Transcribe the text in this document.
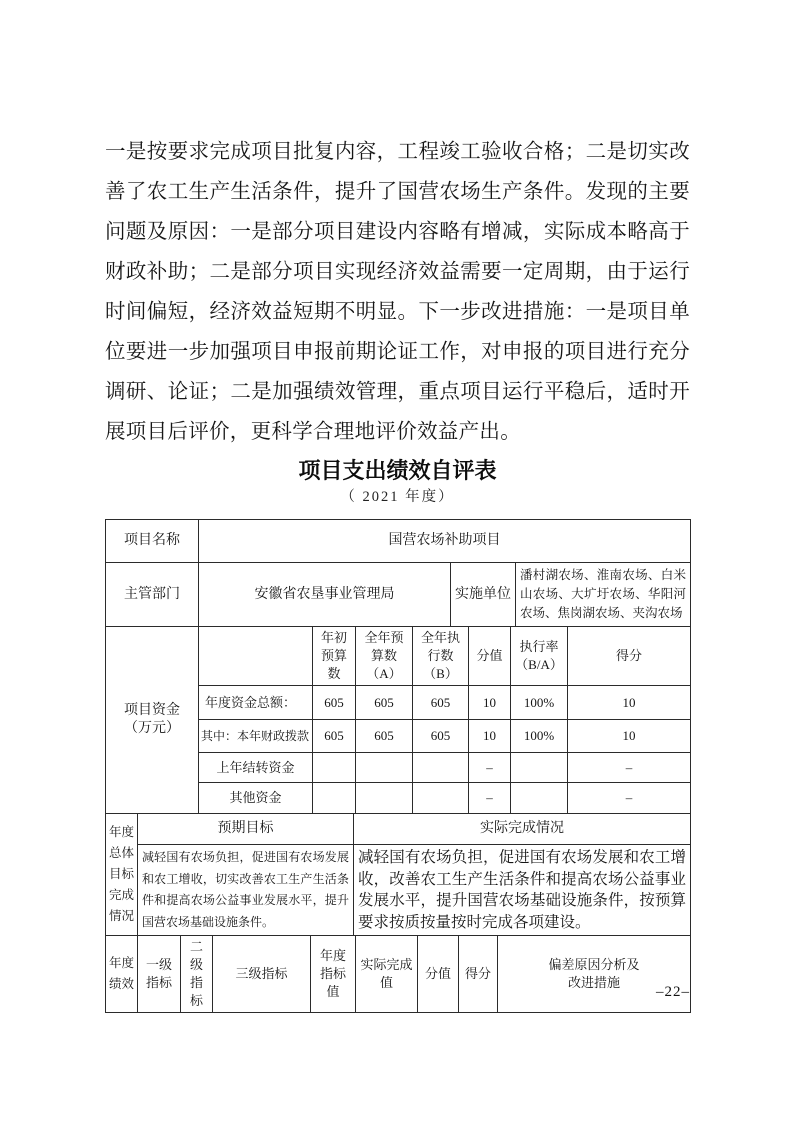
一是按要求完成项目批复内容，工程竣工验收合格；二是切实改善了农工生产生活条件，提升了国营农场生产条件。发现的主要问题及原因：一是部分项目建设内容略有增减，实际成本略高于财政补助；二是部分项目实现经济效益需要一定周期，由于运行时间偏短，经济效益短期不明显。下一步改进措施：一是项目单位要进一步加强项目申报前期论证工作，对申报的项目进行充分调研、论证；二是加强绩效管理，重点项目运行平稳后，适时开展项目后评价，更科学合理地评价效益产出。
项目支出绩效自评表
（ 2021 年度）
项目名称	国营农场补助项目		
主管部门	安徽省农垦事业管理局	实施单位	潘村湖农场、淮南农场、白米山农场、大圹圩农场、华阳河农场、焦岗湖农场、夹沟农场
项目资金（万元）		年初预算数	全年预算数（A）	全年执行数（B）	分值	执行率（B/A）	得分
	年度资金总额：	605	605	605	10	100%	10
	其中：本年财政拨款	605	605	605	10	100%	10
	上年结转资金				–		–
	其他资金				–		–
年度总体目标完成情况	预期目标	实际完成情况
	减轻国有农场负担，促进国有农场发展和农工增收，切实改善农工生产生活条件和提高农场公益事业发展水平，提升国营农场基础设施条件。	减轻国有农场负担，促进国有农场发展和农工增收，改善农工生产生活条件和提高农场公益事业发展水平，提升国营农场基础设施条件，按预算要求按质按量按时完成各项建设。
年度绩效	一级指标	二级指标	三级指标	年度指标值	实际完成值	分值	得分	偏差原因分析及改进措施
–22–
